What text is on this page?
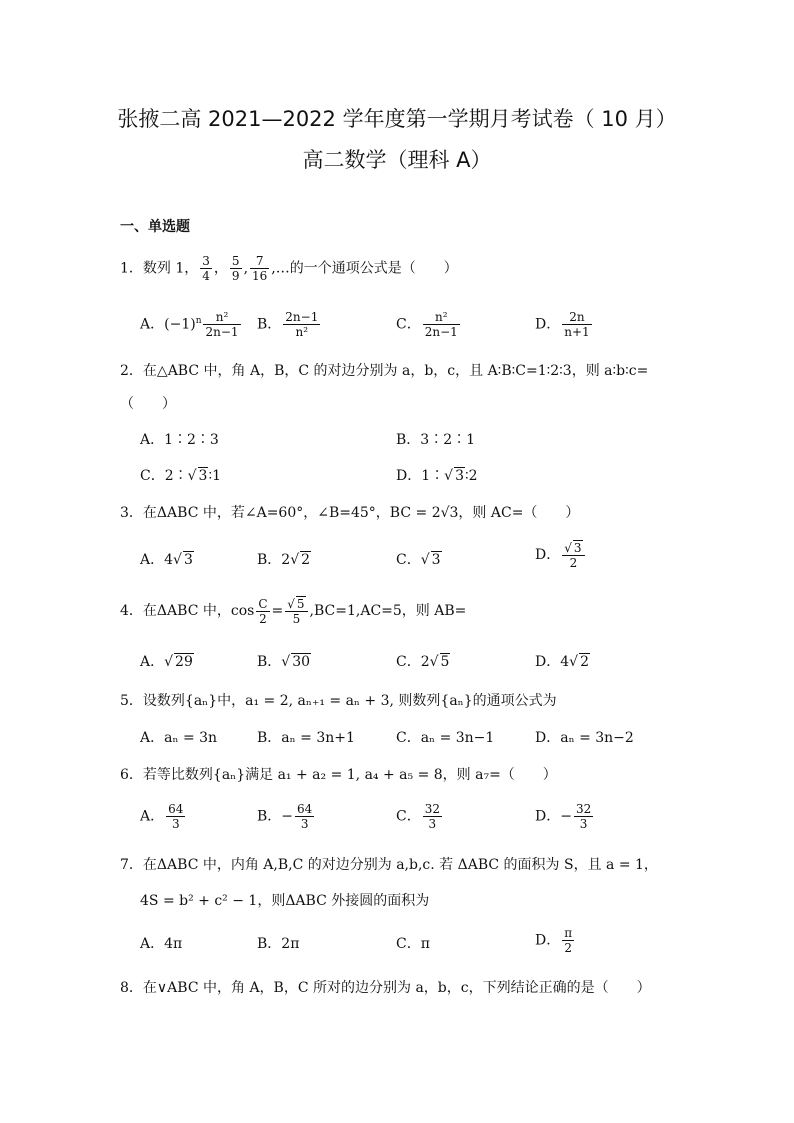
张掖二高 2021—2022 学年度第一学期月考试卷（ 10 月）
高二数学（理科 A）
一、单选题
1．数列 1， $\frac{3}{4}$ ， $\frac{5}{9}$ , $\frac{7}{16}$ ,…的一个通项公式是（　　）
A．$(-1)^n \frac{\text{n²}}{2n-1}$ B． $\frac{2n-1}{\text{n²}}$	C． $\frac{\text{n²}}{2n-1}$	D． $\frac{2n}{n+1}$
2．在△ABC 中，角 A，B，C 的对边分别为 a，b，c，且 A∶B∶C=1∶2∶3，则 a∶b∶c=
（　　）
A．1∶2∶3	B．3∶2∶1
C．2∶√ 3∶1	D．1∶√ 3∶2
3．在ΔABC 中，若∠A=60°，∠B=45°，BC = 2√3，则 AC=（　　）
A．4√ 3	B．2√ 2	C．√ 3	D． $\frac{√ 3}{2}$
4．在ΔABC 中，$\cos \frac{C}{2} = \frac{√ 5}{5} ,BC=1,AC=5$，则 AB=
A．√ 29	B．√ 30	C．2√ 5	D．4√ 2
5．设数列{aₙ}中，a₁ = 2, aₙ₊₁ = aₙ + 3, 则数列{aₙ}的通项公式为
A．aₙ = 3n	B．aₙ = 3n+1	C．aₙ = 3n−1	D．aₙ = 3n−2
6．若等比数列{aₙ}满足 a₁ + a₂ = 1, a₄ + a₅ = 8，则 a₇=（　　）
A． $\frac{64}{3}$	B．− $\frac{64}{3}$	C． $\frac{32}{3}$	D．− $\frac{32}{3}$
7．在ΔABC 中，内角 A,B,C 的对边分别为 a,b,c. 若 ΔABC 的面积为 S，且 a = 1，
4S = b² + c² − 1，则ΔABC 外接圆的面积为
A．4π	B．2π	C．π	D． $\frac{\pi}{2}$
8．在∨ABC 中，角 A，B，C 所对的边分别为 a，b，c，下列结论正确的是（　　）
